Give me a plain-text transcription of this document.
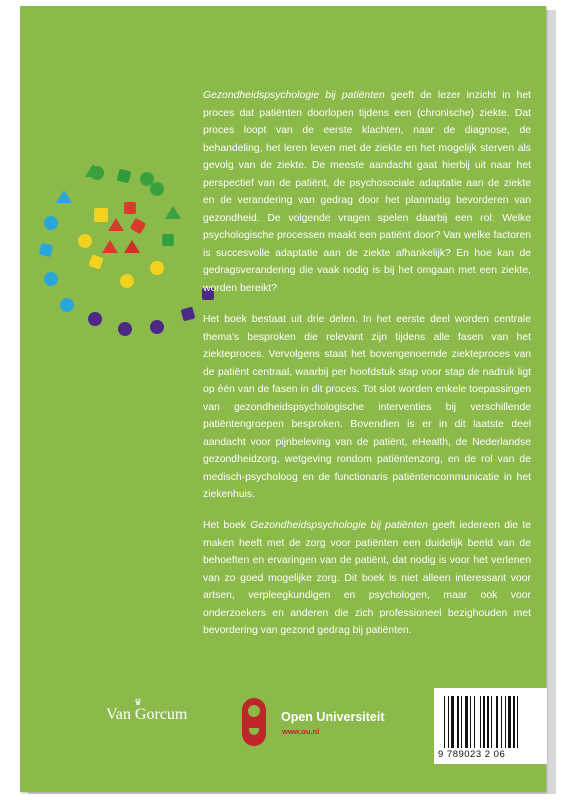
Gezondheidspsychologie bij patiënten geeft de lezer inzicht in het proces dat patiënten doorlopen tijdens een (chronische) ziekte. Dat proces loopt van de eerste klachten, naar de diagnose, de behandeling, het leren leven met de ziekte en het mogelijk sterven als gevolg van de ziekte. De meeste aandacht gaat hierbij uit naar het perspectief van de patiënt, de psychosociale adaptatie aan de ziekte en de verandering van gedrag door het planmatig bevorderen van gezondheid. De volgende vragen spelen daarbij een rol: Welke psychologische processen maakt een patiënt door? Van welke factoren is succesvolle adaptatie aan de ziekte afhankelijk? En hoe kan de gedragsverandering die vaak nodig is bij het omgaan met een ziekte, worden bereikt?

Het boek bestaat uit drie delen. In het eerste deel worden centrale thema's besproken die relevant zijn tijdens alle fasen van het ziekteproces. Vervolgens staat het bovengenoemde ziekteproces van de patiënt centraal, waarbij per hoofdstuk stap voor stap de nadruk ligt op één van de fasen in dit proces. Tot slot worden enkele toepassingen van gezondheidspsychologische interventies bij verschillende patiëntengroepen besproken. Bovendien is er in dit laatste deel aandacht voor pijnbeleving van de patiënt, eHealth, de Nederlandse gezondheidzorg, wetgeving rondom patiëntenzorg, en de rol van de medisch-psycholoog en de functionaris patiëntencommunicatie in het ziekenhuis.

Het boek Gezondheidspsychologie bij patiënten geeft iedereen die te maken heeft met de zorg voor patiënten een duidelijk beeld van de behoeften en ervaringen van de patiënt, dat nodig is voor het verlenen van zo goed mogelijke zorg. Dit boek is niet alleen interessant voor artsen, verpleegkundigen en psychologen, maar ook voor onderzoekers en anderen die zich professioneel bezighouden met bevordering van gezond gedrag bij patiënten.

♛
Van Gorcum	Open Universiteit
www.ou.nl
9 789023 2 06
